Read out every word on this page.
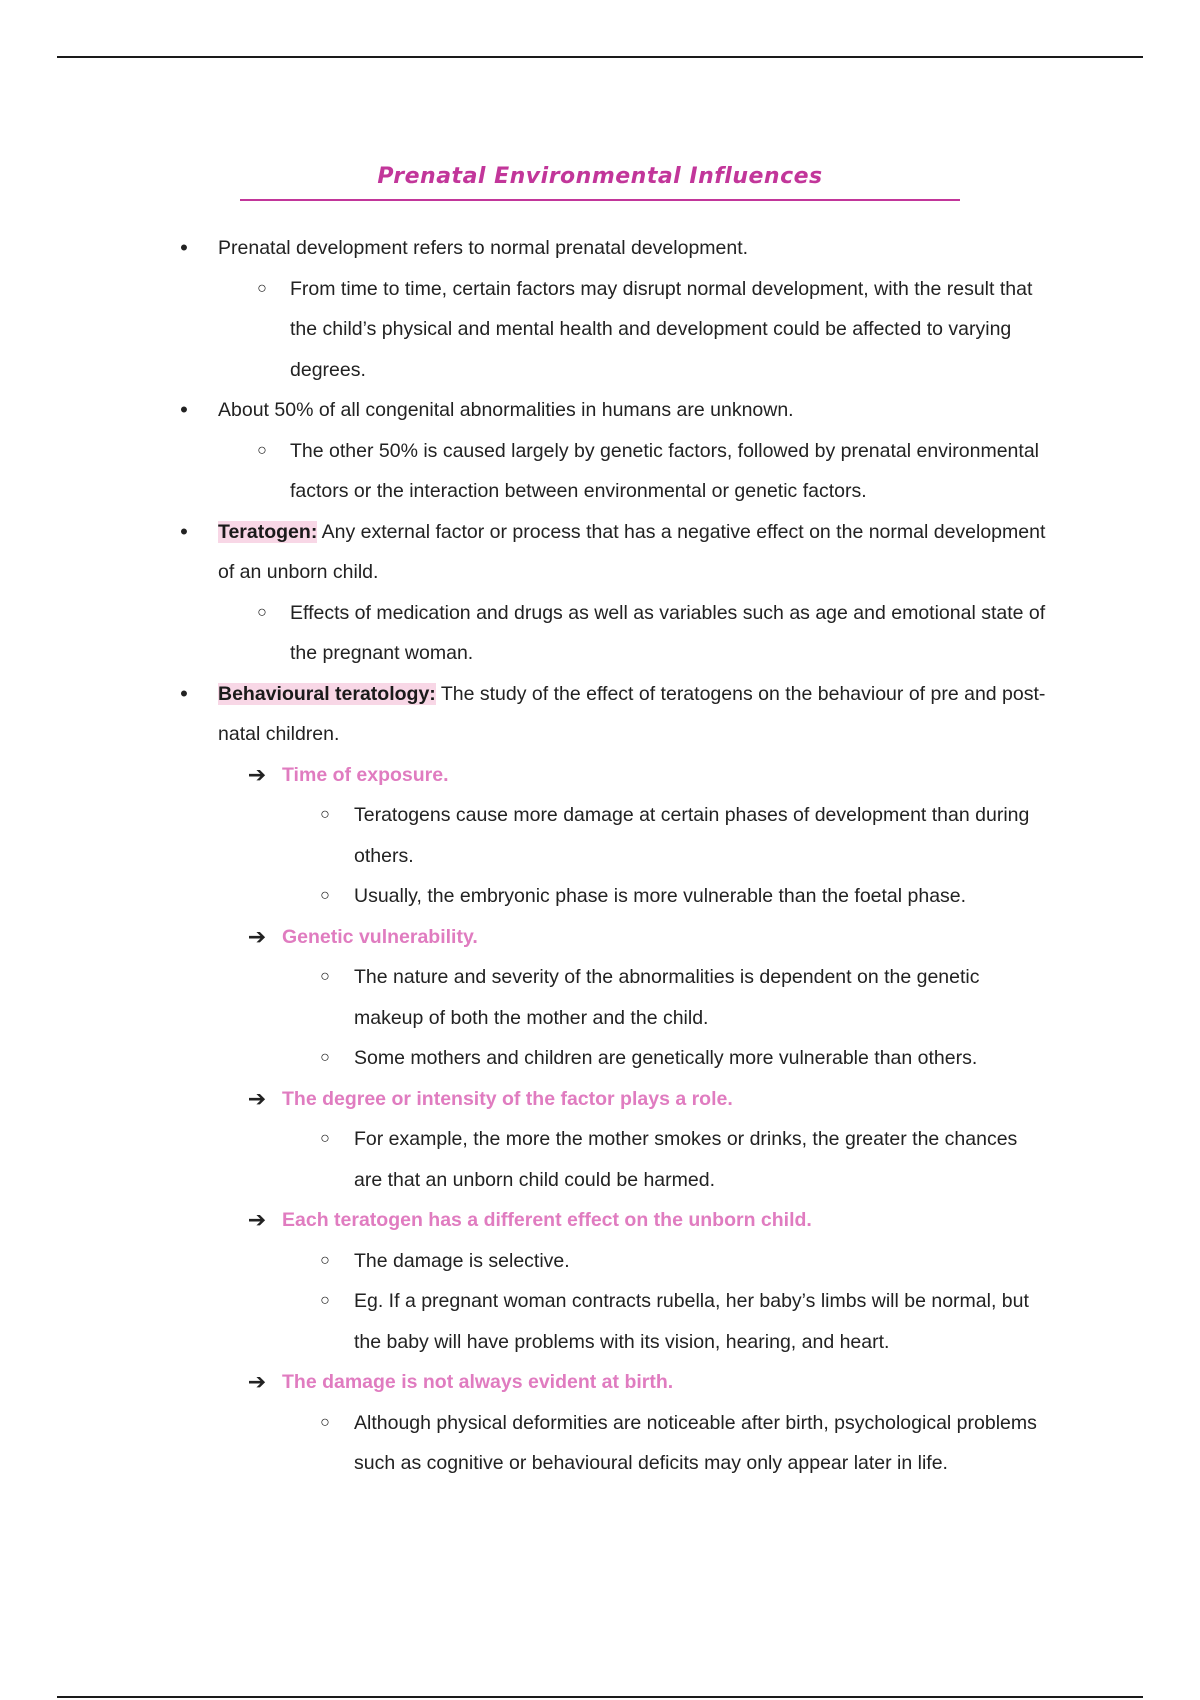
Prenatal Environmental Influences
•	Prenatal development refers to normal prenatal development.
○ From time to time, certain factors may disrupt normal development, with the result that the child’s physical and mental health and development could be affected to varying degrees.
•	About 50% of all congenital abnormalities in humans are unknown.
○ The other 50% is caused largely by genetic factors, followed by prenatal environmental factors or the interaction between environmental or genetic factors.
•	Teratogen: Any external factor or process that has a negative effect on the normal development of an unborn child.
○ Effects of medication and drugs as well as variables such as age and emotional state of the pregnant woman.
•	Behavioural teratology: The study of the effect of teratogens on the behaviour of pre and post-natal children.
➔ Time of exposure.
○ Teratogens cause more damage at certain phases of development than during others.
○ Usually, the embryonic phase is more vulnerable than the foetal phase.
➔ Genetic vulnerability.
○ The nature and severity of the abnormalities is dependent on the genetic makeup of both the mother and the child.
○ Some mothers and children are genetically more vulnerable than others.
➔ The degree or intensity of the factor plays a role.
○ For example, the more the mother smokes or drinks, the greater the chances are that an unborn child could be harmed.
➔ Each teratogen has a different effect on the unborn child.
○ The damage is selective.
○ Eg. If a pregnant woman contracts rubella, her baby’s limbs will be normal, but the baby will have problems with its vision, hearing, and heart.
➔ The damage is not always evident at birth.
○ Although physical deformities are noticeable after birth, psychological problems such as cognitive or behavioural deficits may only appear later in life.
